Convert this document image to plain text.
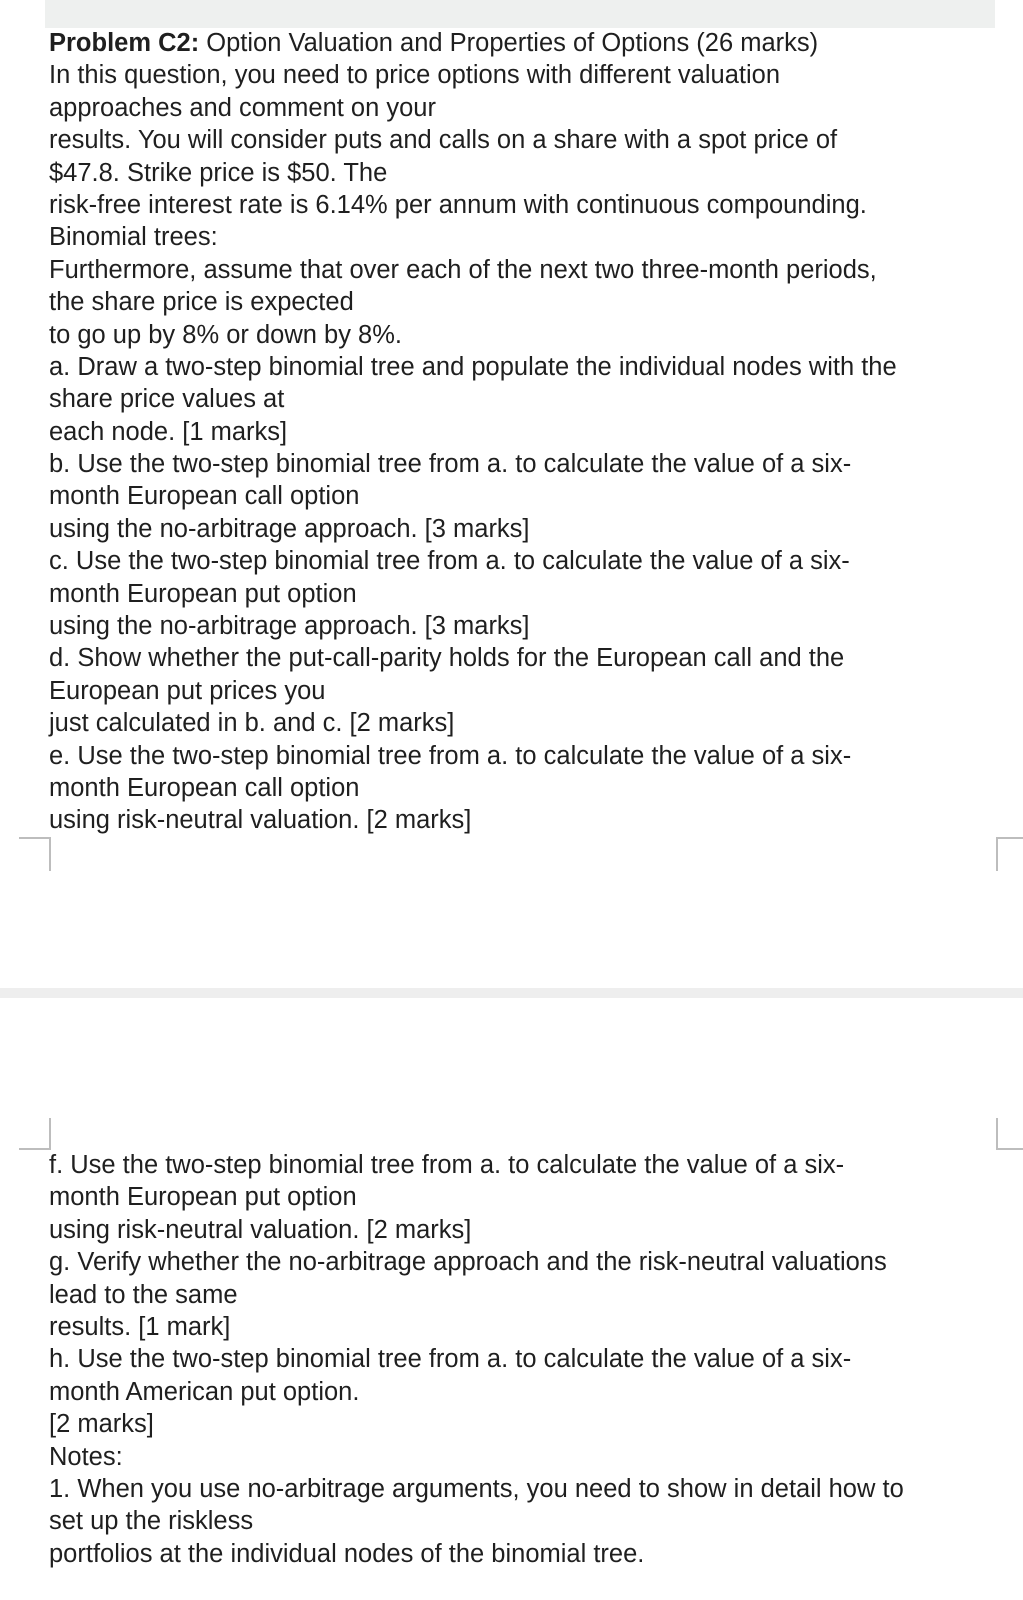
Problem C2: Option Valuation and Properties of Options (26 marks)
In this question, you need to price options with different valuation
approaches and comment on your
results. You will consider puts and calls on a share with a spot price of
$47.8. Strike price is $50. The
risk-free interest rate is 6.14% per annum with continuous compounding.
Binomial trees:
Furthermore, assume that over each of the next two three-month periods,
the share price is expected
to go up by 8% or down by 8%.
a. Draw a two-step binomial tree and populate the individual nodes with the
share price values at
each node. [1 marks]
b. Use the two-step binomial tree from a. to calculate the value of a six-
month European call option
using the no-arbitrage approach. [3 marks]
c. Use the two-step binomial tree from a. to calculate the value of a six-
month European put option
using the no-arbitrage approach. [3 marks]
d. Show whether the put-call-parity holds for the European call and the
European put prices you
just calculated in b. and c. [2 marks]
e. Use the two-step binomial tree from a. to calculate the value of a six-
month European call option
using risk-neutral valuation. [2 marks]
f. Use the two-step binomial tree from a. to calculate the value of a six-
month European put option
using risk-neutral valuation. [2 marks]
g. Verify whether the no-arbitrage approach and the risk-neutral valuations
lead to the same
results. [1 mark]
h. Use the two-step binomial tree from a. to calculate the value of a six-
month American put option.
[2 marks]
Notes:
1. When you use no-arbitrage arguments, you need to show in detail how to
set up the riskless
portfolios at the individual nodes of the binomial tree.
